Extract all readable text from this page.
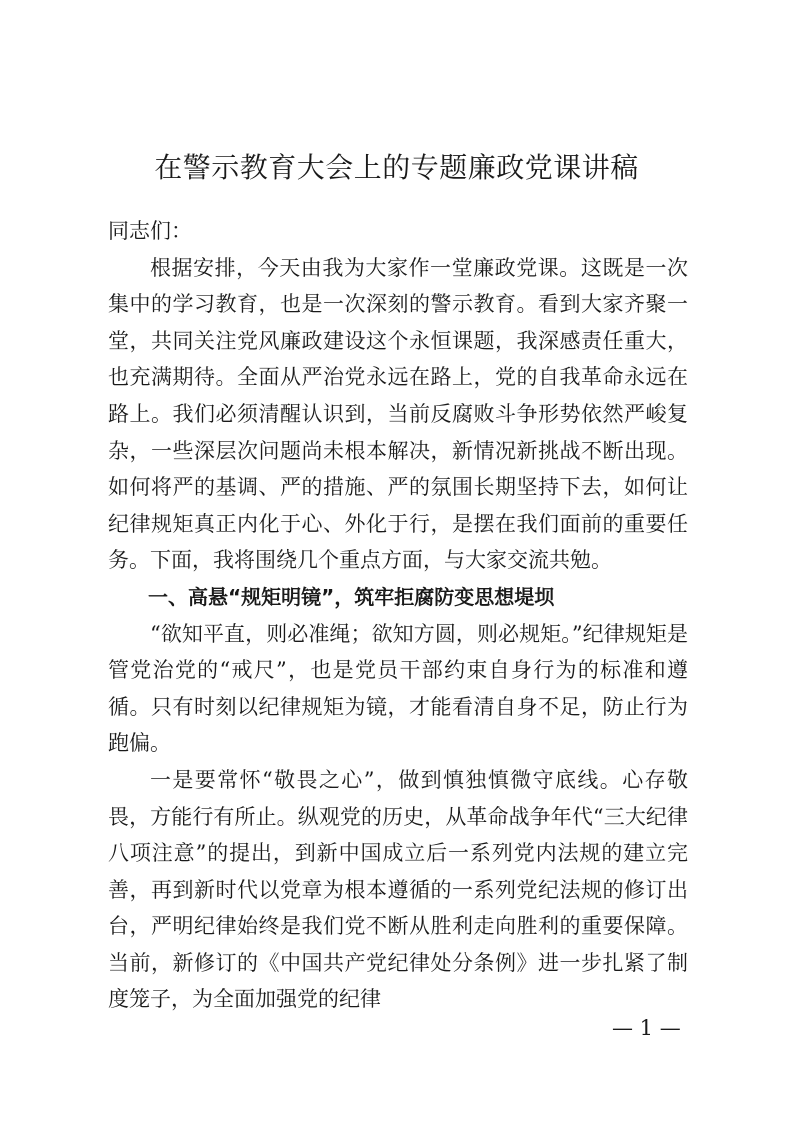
在警示教育大会上的专题廉政党课讲稿

同志们：

根据安排，今天由我为大家作一堂廉政党课。这既是一次集中的学习教育，也是一次深刻的警示教育。看到大家齐聚一堂，共同关注党风廉政建设这个永恒课题，我深感责任重大，也充满期待。全面从严治党永远在路上，党的自我革命永远在路上。我们必须清醒认识到，当前反腐败斗争形势依然严峻复杂，一些深层次问题尚未根本解决，新情况新挑战不断出现。如何将严的基调、严的措施、严的氛围长期坚持下去，如何让纪律规矩真正内化于心、外化于行，是摆在我们面前的重要任务。下面，我将围绕几个重点方面，与大家交流共勉。

一、高悬“规矩明镜”，筑牢拒腐防变思想堤坝

“欲知平直，则必准绳；欲知方圆，则必规矩。”纪律规矩是管党治党的“戒尺”，也是党员干部约束自身行为的标准和遵循。只有时刻以纪律规矩为镜，才能看清自身不足，防止行为跑偏。

一是要常怀“敬畏之心”，做到慎独慎微守底线。心存敬畏，方能行有所止。纵观党的历史，从革命战争年代“三大纪律八项注意”的提出，到新中国成立后一系列党内法规的建立完善，再到新时代以党章为根本遵循的一系列党纪法规的修订出台，严明纪律始终是我们党不断从胜利走向胜利的重要保障。当前，新修订的《中国共产党纪律处分条例》进一步扎紧了制度笼子，为全面加强党的纪律

— 1 —
